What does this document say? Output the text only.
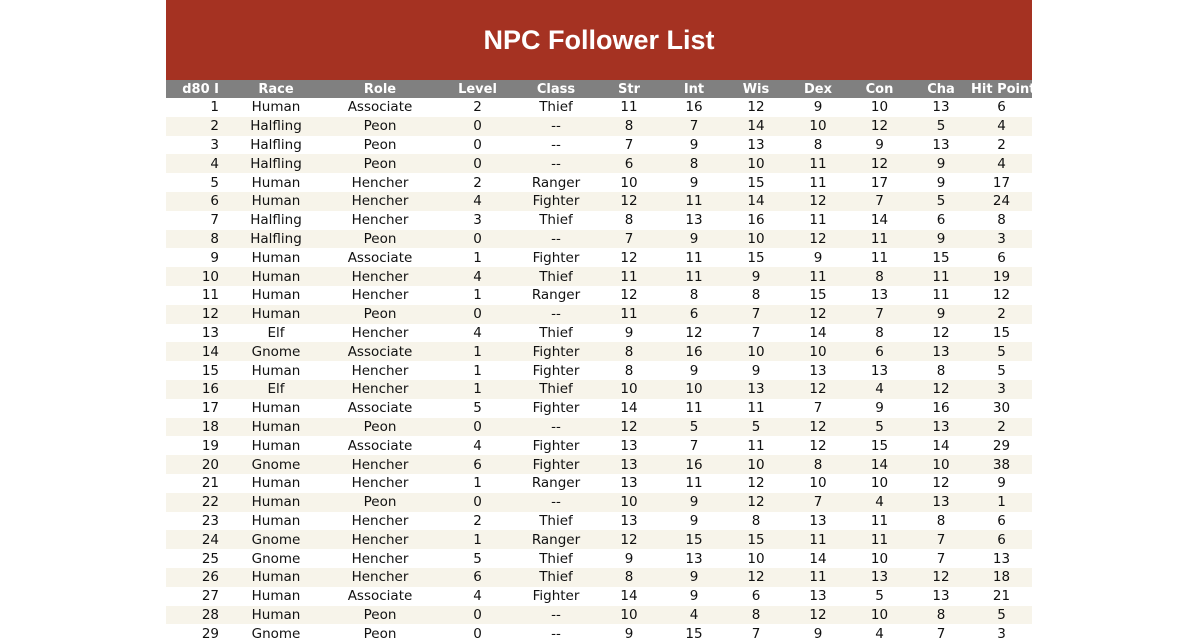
NPC Follower List
d80 I	Race	Role	Level	Class	Str	Int	Wis	Dex	Con	Cha	Hit Points
1	Human	Associate	2	Thief	11	16	12	9	10	13	6
2	Halfling	Peon	0	--	8	7	14	10	12	5	4
3	Halfling	Peon	0	--	7	9	13	8	9	13	2
4	Halfling	Peon	0	--	6	8	10	11	12	9	4
5	Human	Hencher	2	Ranger	10	9	15	11	17	9	17
6	Human	Hencher	4	Fighter	12	11	14	12	7	5	24
7	Halfling	Hencher	3	Thief	8	13	16	11	14	6	8
8	Halfling	Peon	0	--	7	9	10	12	11	9	3
9	Human	Associate	1	Fighter	12	11	15	9	11	15	6
10	Human	Hencher	4	Thief	11	11	9	11	8	11	19
11	Human	Hencher	1	Ranger	12	8	8	15	13	11	12
12	Human	Peon	0	--	11	6	7	12	7	9	2
13	Elf	Hencher	4	Thief	9	12	7	14	8	12	15
14	Gnome	Associate	1	Fighter	8	16	10	10	6	13	5
15	Human	Hencher	1	Fighter	8	9	9	13	13	8	5
16	Elf	Hencher	1	Thief	10	10	13	12	4	12	3
17	Human	Associate	5	Fighter	14	11	11	7	9	16	30
18	Human	Peon	0	--	12	5	5	12	5	13	2
19	Human	Associate	4	Fighter	13	7	11	12	15	14	29
20	Gnome	Hencher	6	Fighter	13	16	10	8	14	10	38
21	Human	Hencher	1	Ranger	13	11	12	10	10	12	9
22	Human	Peon	0	--	10	9	12	7	4	13	1
23	Human	Hencher	2	Thief	13	9	8	13	11	8	6
24	Gnome	Hencher	1	Ranger	12	15	15	11	11	7	6
25	Gnome	Hencher	5	Thief	9	13	10	14	10	7	13
26	Human	Hencher	6	Thief	8	9	12	11	13	12	18
27	Human	Associate	4	Fighter	14	9	6	13	5	13	21
28	Human	Peon	0	--	10	4	8	12	10	8	5
29	Gnome	Peon	0	--	9	15	7	9	4	7	3
